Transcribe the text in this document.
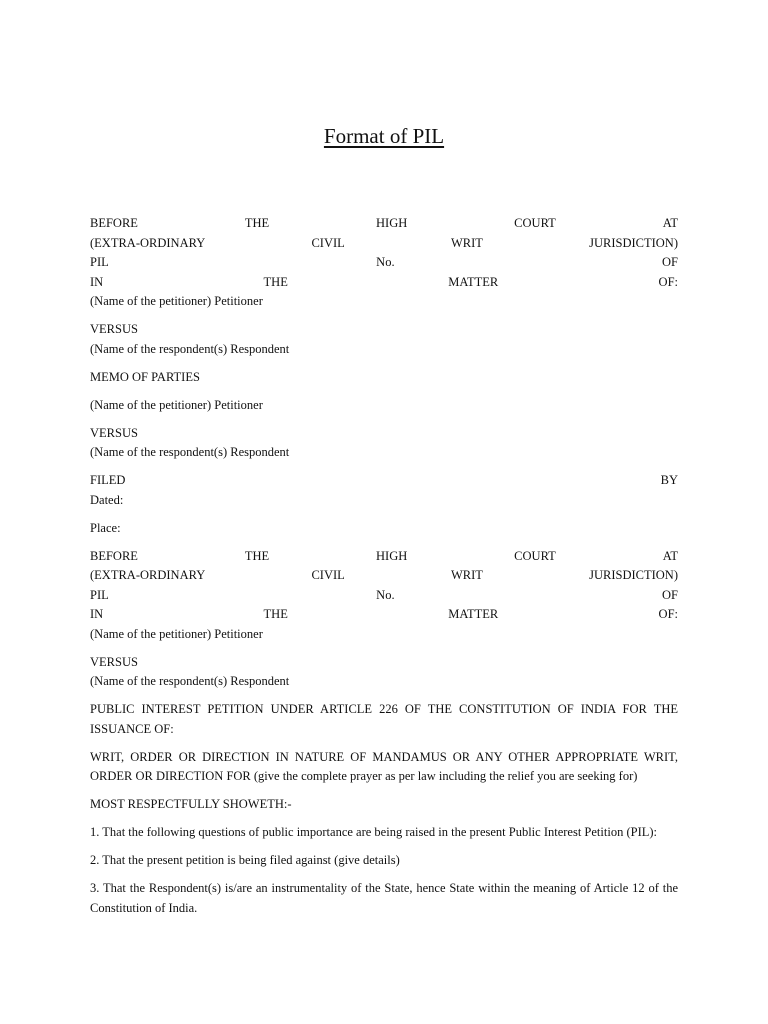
Format of PIL
BEFORE	THE	HIGH	COURT	AT
(EXTRA-ORDINARY	CIVIL	WRIT	JURISDICTION)
PIL	No.	OF
IN	THE	MATTER	OF:
(Name of the petitioner) Petitioner
VERSUS
(Name of the respondent(s) Respondent
MEMO OF PARTIES
(Name of the petitioner) Petitioner
VERSUS
(Name of the respondent(s) Respondent
FILED	BY
Dated:
Place:
BEFORE	THE	HIGH	COURT	AT
(EXTRA-ORDINARY	CIVIL	WRIT	JURISDICTION)
PIL	No.	OF
IN	THE	MATTER	OF:
(Name of the petitioner) Petitioner
VERSUS
(Name of the respondent(s) Respondent

PUBLIC INTEREST PETITION UNDER ARTICLE 226 OF THE CONSTITUTION OF INDIA FOR THE ISSUANCE OF:

WRIT, ORDER OR DIRECTION IN NATURE OF MANDAMUS OR ANY OTHER APPROPRIATE WRIT, ORDER OR DIRECTION FOR (give the complete prayer as per law including the relief you are seeking for)

MOST RESPECTFULLY SHOWETH:-

1. That the following questions of public importance are being raised in the present Public Interest Petition (PIL):

2. That the present petition is being filed against (give details)

3. That the Respondent(s) is/are an instrumentality of the State, hence State within the meaning of Article 12 of the Constitution of India.
